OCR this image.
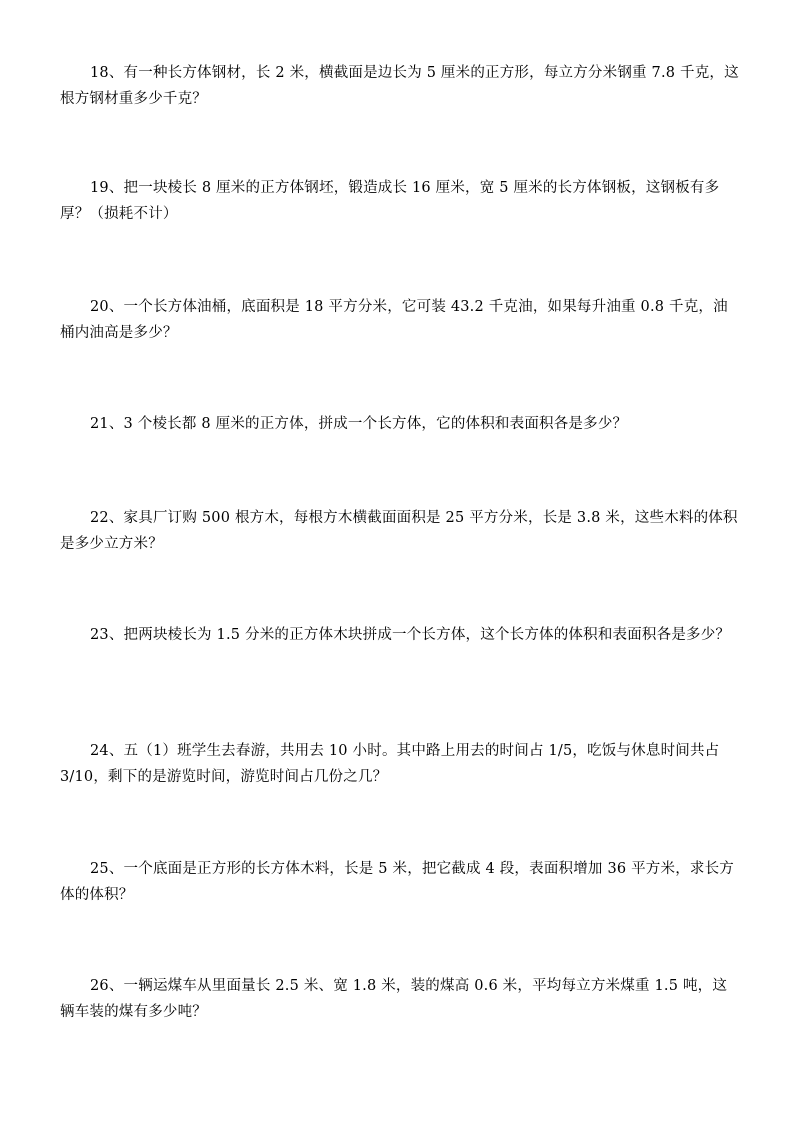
18、有一种长方体钢材，长 2 米，横截面是边长为 5 厘米的正方形，每立方分米钢重 7.8 千克，这根方钢材重多少千克？

19、把一块棱长 8 厘米的正方体钢坯，锻造成长 16 厘米，宽 5 厘米的长方体钢板，这钢板有多厚？（损耗不计）

20、一个长方体油桶，底面积是 18 平方分米，它可装 43.2 千克油，如果每升油重 0.8 千克，油桶内油高是多少？

21、3 个棱长都 8 厘米的正方体，拼成一个长方体，它的体积和表面积各是多少？

22、家具厂订购 500 根方木，每根方木横截面面积是 25 平方分米，长是 3.8 米，这些木料的体积是多少立方米？

23、把两块棱长为 1.5 分米的正方体木块拼成一个长方体，这个长方体的体积和表面积各是多少？

24、五（1）班学生去春游，共用去 10 小时。其中路上用去的时间占 1/5，吃饭与休息时间共占 3/10，剩下的是游览时间，游览时间占几份之几？

25、一个底面是正方形的长方体木料，长是 5 米，把它截成 4 段，表面积增加 36 平方米，求长方体的体积？

26、一辆运煤车从里面量长 2.5 米、宽 1.8 米，装的煤高 0.6 米，平均每立方米煤重 1.5 吨，这辆车装的煤有多少吨？
